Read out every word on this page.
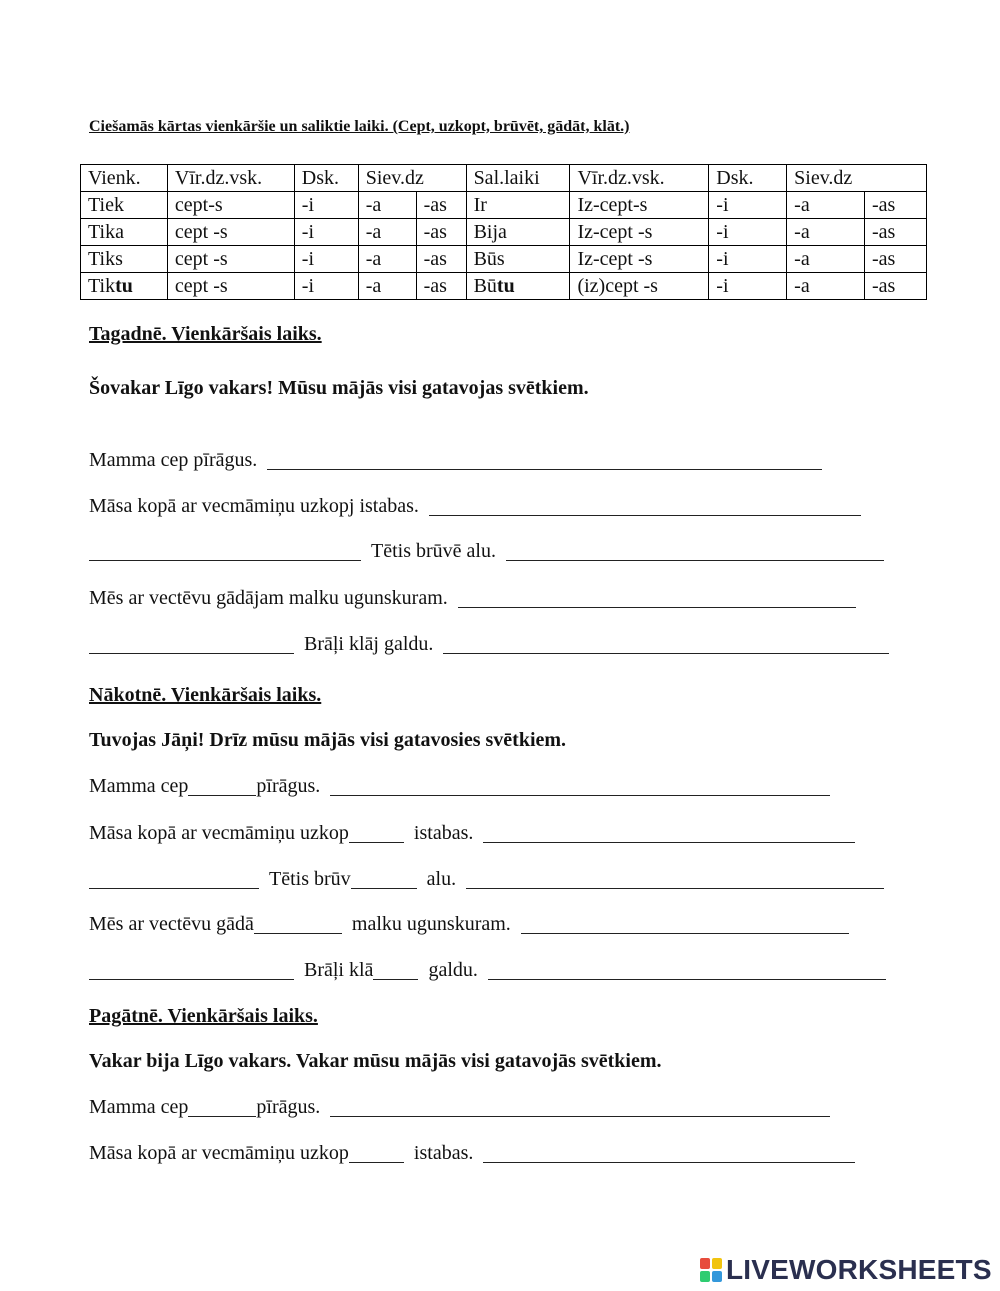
Ciešamās kārtas vienkāršie un saliktie laiki. (Cept, uzkopt, brūvēt, gādāt, klāt.)
Vienk.	Vīr.dz.vsk.	Dsk.	Siev.dz		Sal.laiki	Vīr.dz.vsk.	Dsk.	Siev.dz	
Tiek	cept-s	-i	-a	-as	Ir	Iz-cept-s	-i	-a	-as
Tika	cept -s	-i	-a	-as	Bija	Iz-cept -s	-i	-a	-as
Tiks	cept -s	-i	-a	-as	Būs	Iz-cept -s	-i	-a	-as
Tiktu	cept -s	-i	-a	-as	Būtu	(iz)cept -s	-i	-a	-as
Tagadnē. Vienkāršais laiks.
Šovakar Līgo vakars! Mūsu mājās visi gatavojas svētkiem.
Mamma cep pīrāgus.
Māsa kopā ar vecmāmiņu uzkopj istabas.
Tētis brūvē alu.
Mēs ar vectēvu gādājam malku ugunskuram.
Brāļi klāj galdu.
Nākotnē. Vienkāršais laiks.
Tuvojas Jāņi! Drīz mūsu mājās visi gatavosies svētkiem.
Mamma cep	pīrāgus.
Māsa kopā ar vecmāmiņu uzkop	istabas.
Tētis brūv	alu.
Mēs ar vectēvu gādā	malku ugunskuram.
Brāļi klā	galdu.
Pagātnē. Vienkāršais laiks.
Vakar bija Līgo vakars. Vakar mūsu mājās visi gatavojās svētkiem.
Mamma cep	pīrāgus.
Māsa kopā ar vecmāmiņu uzkop	istabas.
LIVEWORKSHEETS
